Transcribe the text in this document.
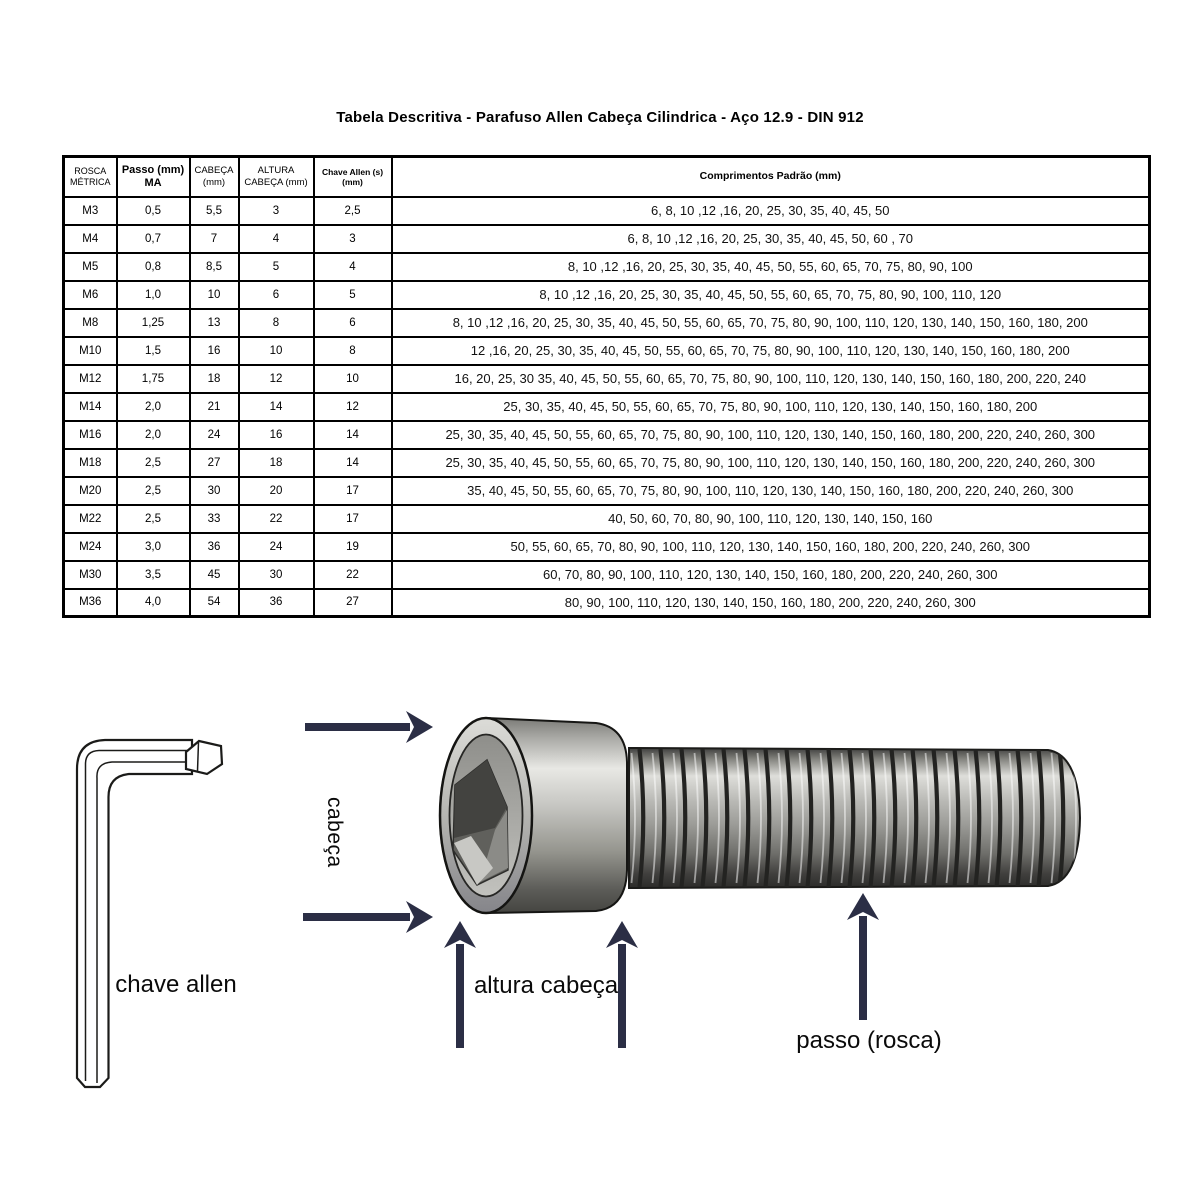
Tabela Descritiva - Parafuso Allen Cabeça Cilindrica - Aço 12.9 - DIN 912
ROSCA MÉTRICA	Passo (mm) MA	CABEÇA (mm)	ALTURA CABEÇA (mm)	Chave Allen (s) (mm)	Comprimentos Padrão (mm)
M3	0,5	5,5	3	2,5	6, 8, 10 ,12 ,16, 20, 25, 30, 35, 40, 45, 50
M4	0,7	7	4	3	6, 8, 10 ,12 ,16, 20, 25, 30, 35, 40, 45, 50, 60 , 70
M5	0,8	8,5	5	4	8, 10 ,12 ,16, 20, 25, 30, 35, 40, 45, 50, 55, 60, 65, 70, 75, 80, 90, 100
M6	1,0	10	6	5	8, 10 ,12 ,16, 20, 25, 30, 35, 40, 45, 50, 55, 60, 65, 70, 75, 80, 90, 100, 110, 120
M8	1,25	13	8	6	8, 10 ,12 ,16, 20, 25, 30, 35, 40, 45, 50, 55, 60, 65, 70, 75, 80, 90, 100, 110, 120, 130, 140, 150, 160, 180, 200
M10	1,5	16	10	8	12 ,16, 20, 25, 30, 35, 40, 45, 50, 55, 60, 65, 70, 75, 80, 90, 100, 110, 120, 130, 140, 150, 160, 180, 200
M12	1,75	18	12	10	16, 20, 25, 30 35, 40, 45, 50, 55, 60, 65, 70, 75, 80, 90, 100, 110, 120, 130, 140, 150, 160, 180, 200, 220, 240
M14	2,0	21	14	12	25, 30, 35, 40, 45, 50, 55, 60, 65, 70, 75, 80, 90, 100, 110, 120, 130, 140, 150, 160, 180, 200
M16	2,0	24	16	14	25, 30, 35, 40, 45, 50, 55, 60, 65, 70, 75, 80, 90, 100, 110, 120, 130, 140, 150, 160, 180, 200, 220, 240, 260, 300
M18	2,5	27	18	14	25, 30, 35, 40, 45, 50, 55, 60, 65, 70, 75, 80, 90, 100, 110, 120, 130, 140, 150, 160, 180, 200, 220, 240, 260, 300
M20	2,5	30	20	17	35, 40, 45, 50, 55, 60, 65, 70, 75, 80, 90, 100, 110, 120, 130, 140, 150, 160, 180, 200, 220, 240, 260, 300
M22	2,5	33	22	17	40, 50, 60, 70, 80, 90, 100, 110, 120, 130, 140, 150, 160
M24	3,0	36	24	19	50, 55, 60, 65, 70, 80, 90, 100, 110, 120, 130, 140, 150, 160, 180, 200, 220, 240, 260, 300
M30	3,5	45	30	22	60, 70, 80, 90, 100, 110, 120, 130, 140, 150, 160, 180, 200, 220, 240, 260, 300
M36	4,0	54	36	27	80, 90, 100, 110, 120, 130, 140, 150, 160, 180, 200, 220, 240, 260, 300
cabeça
chave allen	altura cabeça
passo (rosca)
